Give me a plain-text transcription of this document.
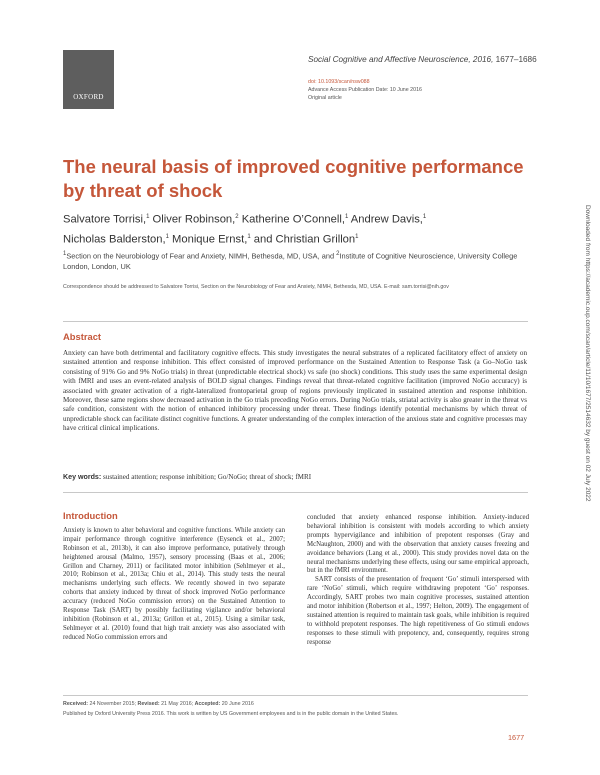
OXFORD
Social Cognitive and Affective Neuroscience, 2016, 1677–1686
doi: 10.1093/scan/nsw088
Advance Access Publication Date: 10 June 2016
Original article
The neural basis of improved cognitive performance by threat of shock
Salvatore Torrisi,$^1$ Oliver Robinson,$^2$ Katherine O’Connell,$^1$ Andrew Davis,$^1$
Nicholas Balderston,$^1$ Monique Ernst,$^1$ and Christian Grillon$^1$
$^1$Section on the Neurobiology of Fear and Anxiety, NIMH, Bethesda, MD, USA, and $^2$Institute of Cognitive Neuroscience, University College London, London, UK
Correspondence should be addressed to Salvatore Torrisi, Section on the Neurobiology of Fear and Anxiety, NIMH, Bethesda, MD, USA. E-mail: sam.torrisi@nih.gov
Abstract

Anxiety can have both detrimental and facilitatory cognitive effects. This study investigates the neural substrates of a replicated facilitatory effect of anxiety on sustained attention and response inhibition. This effect consisted of improved performance on the Sustained Attention to Response Task (a Go–NoGo task consisting of 91% Go and 9% NoGo trials) in threat (unpredictable electrical shock) vs safe (no shock) conditions. This study uses the same experimental design with fMRI and uses an event-related analysis of BOLD signal changes. Findings reveal that threat-related cognitive facilitation (improved NoGo accuracy) is associated with greater activation of a right-lateralized frontoparietal group of regions previously implicated in sustained attention and response inhibition. Moreover, these same regions show decreased activation in the Go trials preceding NoGo errors. During NoGo trials, striatal activity is also greater in the threat vs safe condition, consistent with the notion of enhanced inhibitory processing under threat. These findings identify potential mechanisms by which threat of unpredictable shock can facilitate distinct cognitive functions. A greater understanding of the complex interaction of the anxious state and cognitive processes may have critical clinical implications.

Key words: sustained attention; response inhibition; Go/NoGo; threat of shock; fMRI

Introduction

Anxiety is known to alter behavioral and cognitive functions. While anxiety can impair performance through cognitive interference (Eysenck et al., 2007; Robinson et al., 2013b), it can also improve performance, putatively through heightened arousal (Malmo, 1957), sensory processing (Baas et al., 2006; Grillon and Charney, 2011) or facilitated motor inhibition (Sehlmeyer et al., 2010; Robinson et al., 2013a; Chiu et al., 2014). This study tests the neural mechanisms underlying such effects. We recently showed in two separate cohorts that anxiety induced by threat of shock improved NoGo performance accuracy (reduced NoGo commission errors) on the Sustained Attention to Response Task (SART) by possibly facilitating vigilance and/or behavioral inhibition (Robinson et al., 2013a; Grillon et al., 2015). Using a similar task, Sehlmeyer et al. (2010) found that high trait anxiety was also associated with reduced NoGo commission errors and

concluded that anxiety enhanced response inhibition. Anxiety-induced behavioral inhibition is consistent with models according to which anxiety prompts hypervigilance and inhibition of prepotent responses (Gray and McNaughton, 2000) and with the observation that anxiety causes freezing and avoidance behaviors (Lang et al., 2000). This study provides novel data on the neural mechanisms underlying these effects, using our same empirical approach, but in the fMRI environment.

SART consists of the presentation of frequent ‘Go’ stimuli interspersed with rare ‘NoGo’ stimuli, which require withdrawing prepotent ‘Go’ responses. Accordingly, SART probes two main cognitive processes, sustained attention and motor inhibition (Robertson et al., 1997; Helton, 2009). The engagement of sustained attention is required to maintain task goals, while inhibition is required to withhold prepotent responses. The high repetitiveness of Go stimuli endows responses to these stimuli with prepotency, and, consequently, requires strong response

Received: 24 November 2015; Revised: 21 May 2016; Accepted: 20 June 2016
Published by Oxford University Press 2016. This work is written by US Government employees and is in the public domain in the United States.
1677
Downloaded from https://academic.oup.com/scan/article/11/10/1677/2514632 by guest on 02 July 2022
